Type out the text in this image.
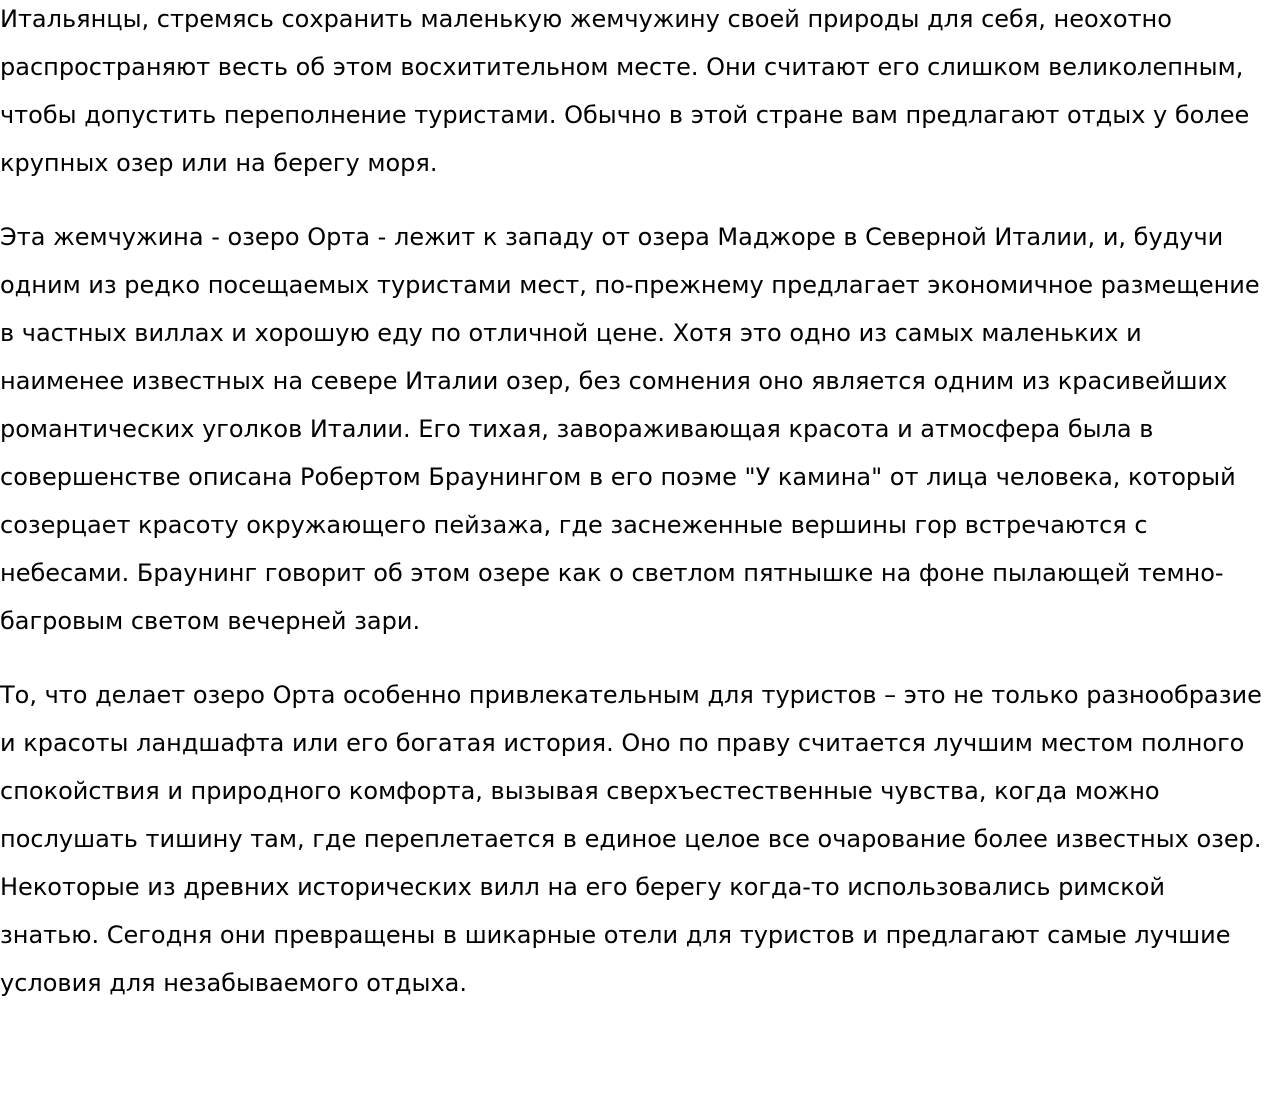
Итальянцы, стремясь сохранить маленькую жемчужину своей природы для себя, неохотно распространяют весть об этом восхитительном месте. Они считают его слишком великолепным, чтобы допустить переполнение туристами. Обычно в этой стране вам предлагают отдых у более крупных озер или на берегу моря.

Эта жемчужина - озеро Орта - лежит к западу от озера Маджоре в Северной Италии, и, будучи одним из редко посещаемых туристами мест, по-прежнему предлагает экономичное размещение в частных виллах и хорошую еду по отличной цене. Хотя это одно из самых маленьких и наименее известных на севере Италии озер, без сомнения оно является одним из красивейших романтических уголков Италии. Его тихая, завораживающая красота и атмосфера была в совершенстве описана Робертом Браунингом в его поэме "У камина" от лица человека, который созерцает красоту окружающего пейзажа, где заснеженные вершины гор встречаются с небесами. Браунинг говорит об этом озере как о светлом пятнышке на фоне пылающей темно-багровым светом вечерней зари.

То, что делает озеро Орта особенно привлекательным для туристов – это не только разнообразие и красоты ландшафта или его богатая история. Оно по праву считается лучшим местом полного спокойствия и природного комфорта, вызывая сверхъестественные чувства, когда можно послушать тишину там, где переплетается в единое целое все очарование более известных озер. Некоторые из древних исторических вилл на его берегу когда-то использовались римской знатью. Сегодня они превращены в шикарные отели для туристов и предлагают самые лучшие условия для незабываемого отдыха.
